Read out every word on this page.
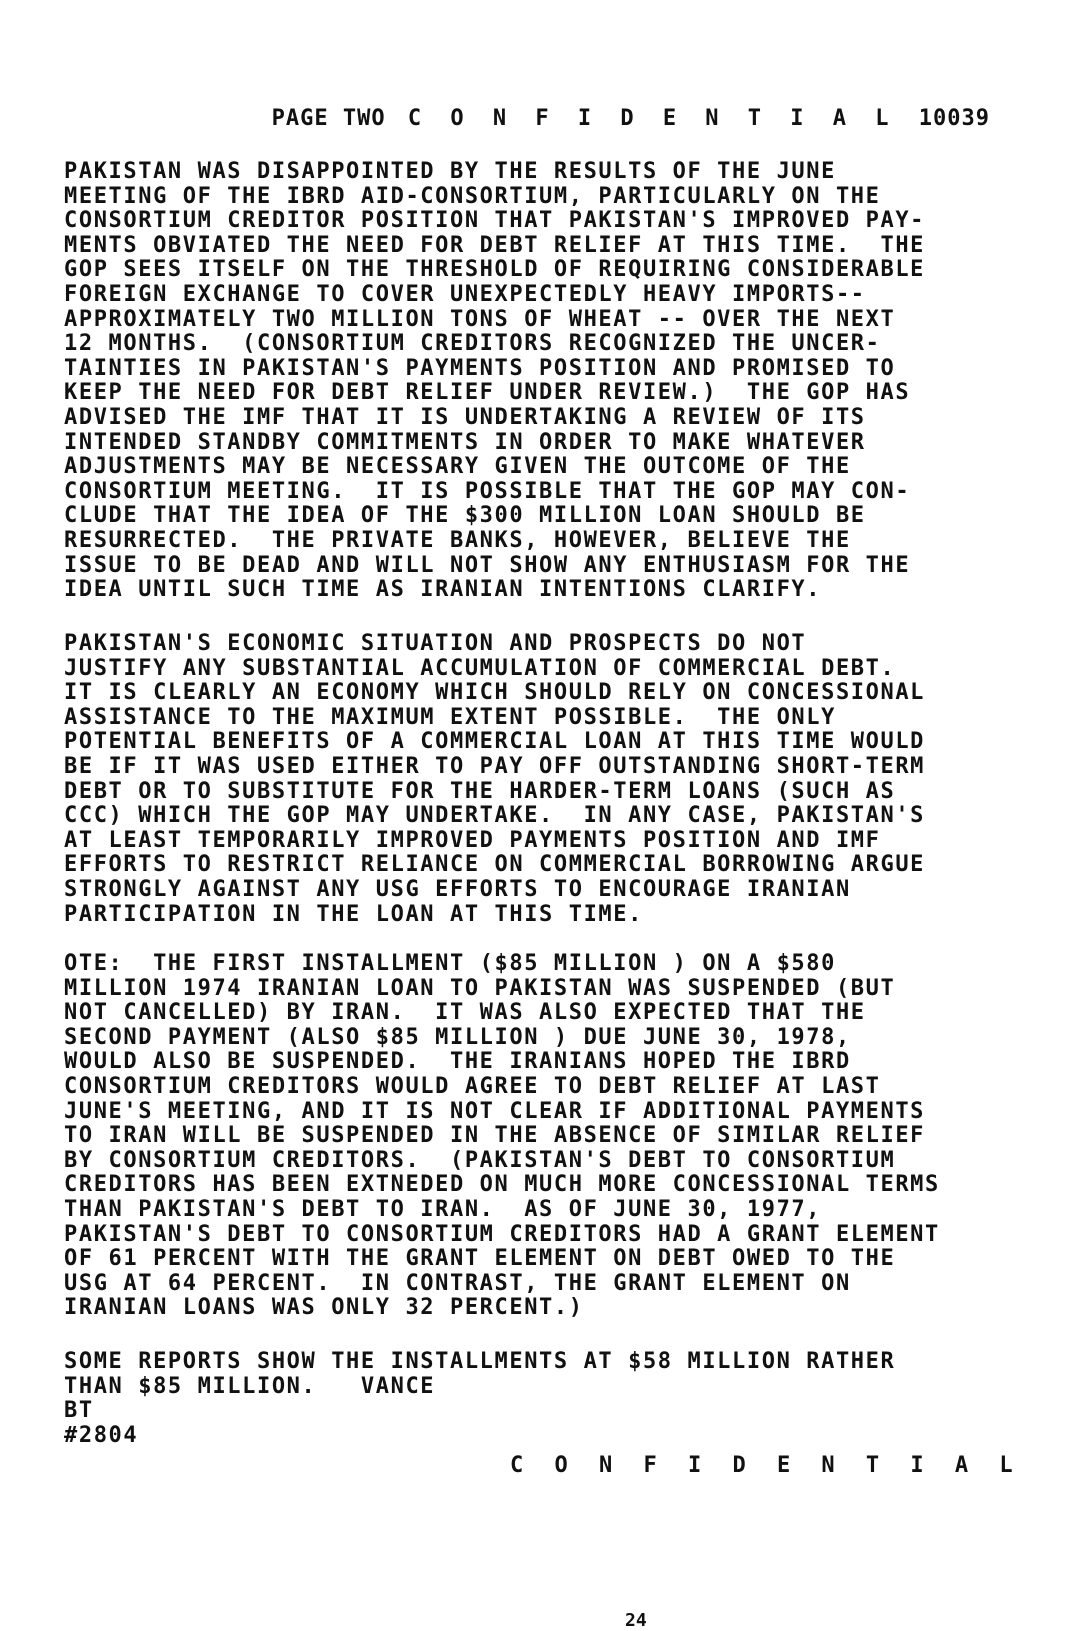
PAGE TWO C O N F I D E N T I A L 10039
PAKISTAN WAS DISAPPOINTED BY THE RESULTS OF THE JUNE
MEETING OF THE IBRD AID-CONSORTIUM, PARTICULARLY ON THE
CONSORTIUM CREDITOR POSITION THAT PAKISTAN'S IMPROVED PAY-
MENTS OBVIATED THE NEED FOR DEBT RELIEF AT THIS TIME.  THE
GOP SEES ITSELF ON THE THRESHOLD OF REQUIRING CONSIDERABLE
FOREIGN EXCHANGE TO COVER UNEXPECTEDLY HEAVY IMPORTS--
APPROXIMATELY TWO MILLION TONS OF WHEAT -- OVER THE NEXT
12 MONTHS.  (CONSORTIUM CREDITORS RECOGNIZED THE UNCER-
TAINTIES IN PAKISTAN'S PAYMENTS POSITION AND PROMISED TO
KEEP THE NEED FOR DEBT RELIEF UNDER REVIEW.)  THE GOP HAS
ADVISED THE IMF THAT IT IS UNDERTAKING A REVIEW OF ITS
INTENDED STANDBY COMMITMENTS IN ORDER TO MAKE WHATEVER
ADJUSTMENTS MAY BE NECESSARY GIVEN THE OUTCOME OF THE
CONSORTIUM MEETING.  IT IS POSSIBLE THAT THE GOP MAY CON-
CLUDE THAT THE IDEA OF THE $300 MILLION LOAN SHOULD BE
RESURRECTED.  THE PRIVATE BANKS, HOWEVER, BELIEVE THE
ISSUE TO BE DEAD AND WILL NOT SHOW ANY ENTHUSIASM FOR THE
IDEA UNTIL SUCH TIME AS IRANIAN INTENTIONS CLARIFY.
PAKISTAN'S ECONOMIC SITUATION AND PROSPECTS DO NOT
JUSTIFY ANY SUBSTANTIAL ACCUMULATION OF COMMERCIAL DEBT.
IT IS CLEARLY AN ECONOMY WHICH SHOULD RELY ON CONCESSIONAL
ASSISTANCE TO THE MAXIMUM EXTENT POSSIBLE.  THE ONLY
POTENTIAL BENEFITS OF A COMMERCIAL LOAN AT THIS TIME WOULD
BE IF IT WAS USED EITHER TO PAY OFF OUTSTANDING SHORT-TERM
DEBT OR TO SUBSTITUTE FOR THE HARDER-TERM LOANS (SUCH AS
CCC) WHICH THE GOP MAY UNDERTAKE.  IN ANY CASE, PAKISTAN'S
AT LEAST TEMPORARILY IMPROVED PAYMENTS POSITION AND IMF
EFFORTS TO RESTRICT RELIANCE ON COMMERCIAL BORROWING ARGUE
STRONGLY AGAINST ANY USG EFFORTS TO ENCOURAGE IRANIAN
PARTICIPATION IN THE LOAN AT THIS TIME.
OTE:  THE FIRST INSTALLMENT ($85 MILLION ) ON A $580
MILLION 1974 IRANIAN LOAN TO PAKISTAN WAS SUSPENDED (BUT
NOT CANCELLED) BY IRAN.  IT WAS ALSO EXPECTED THAT THE
SECOND PAYMENT (ALSO $85 MILLION ) DUE JUNE 30, 1978,
WOULD ALSO BE SUSPENDED.  THE IRANIANS HOPED THE IBRD
CONSORTIUM CREDITORS WOULD AGREE TO DEBT RELIEF AT LAST
JUNE'S MEETING, AND IT IS NOT CLEAR IF ADDITIONAL PAYMENTS
TO IRAN WILL BE SUSPENDED IN THE ABSENCE OF SIMILAR RELIEF
BY CONSORTIUM CREDITORS.  (PAKISTAN'S DEBT TO CONSORTIUM
CREDITORS HAS BEEN EXTNEDED ON MUCH MORE CONCESSIONAL TERMS
THAN PAKISTAN'S DEBT TO IRAN.  AS OF JUNE 30, 1977,
PAKISTAN'S DEBT TO CONSORTIUM CREDITORS HAD A GRANT ELEMENT
OF 61 PERCENT WITH THE GRANT ELEMENT ON DEBT OWED TO THE
USG AT 64 PERCENT.  IN CONTRAST, THE GRANT ELEMENT ON
IRANIAN LOANS WAS ONLY 32 PERCENT.)
SOME REPORTS SHOW THE INSTALLMENTS AT $58 MILLION RATHER
THAN $85 MILLION.   VANCE
BT
#2804
C O N F I D E N T I A L
24
